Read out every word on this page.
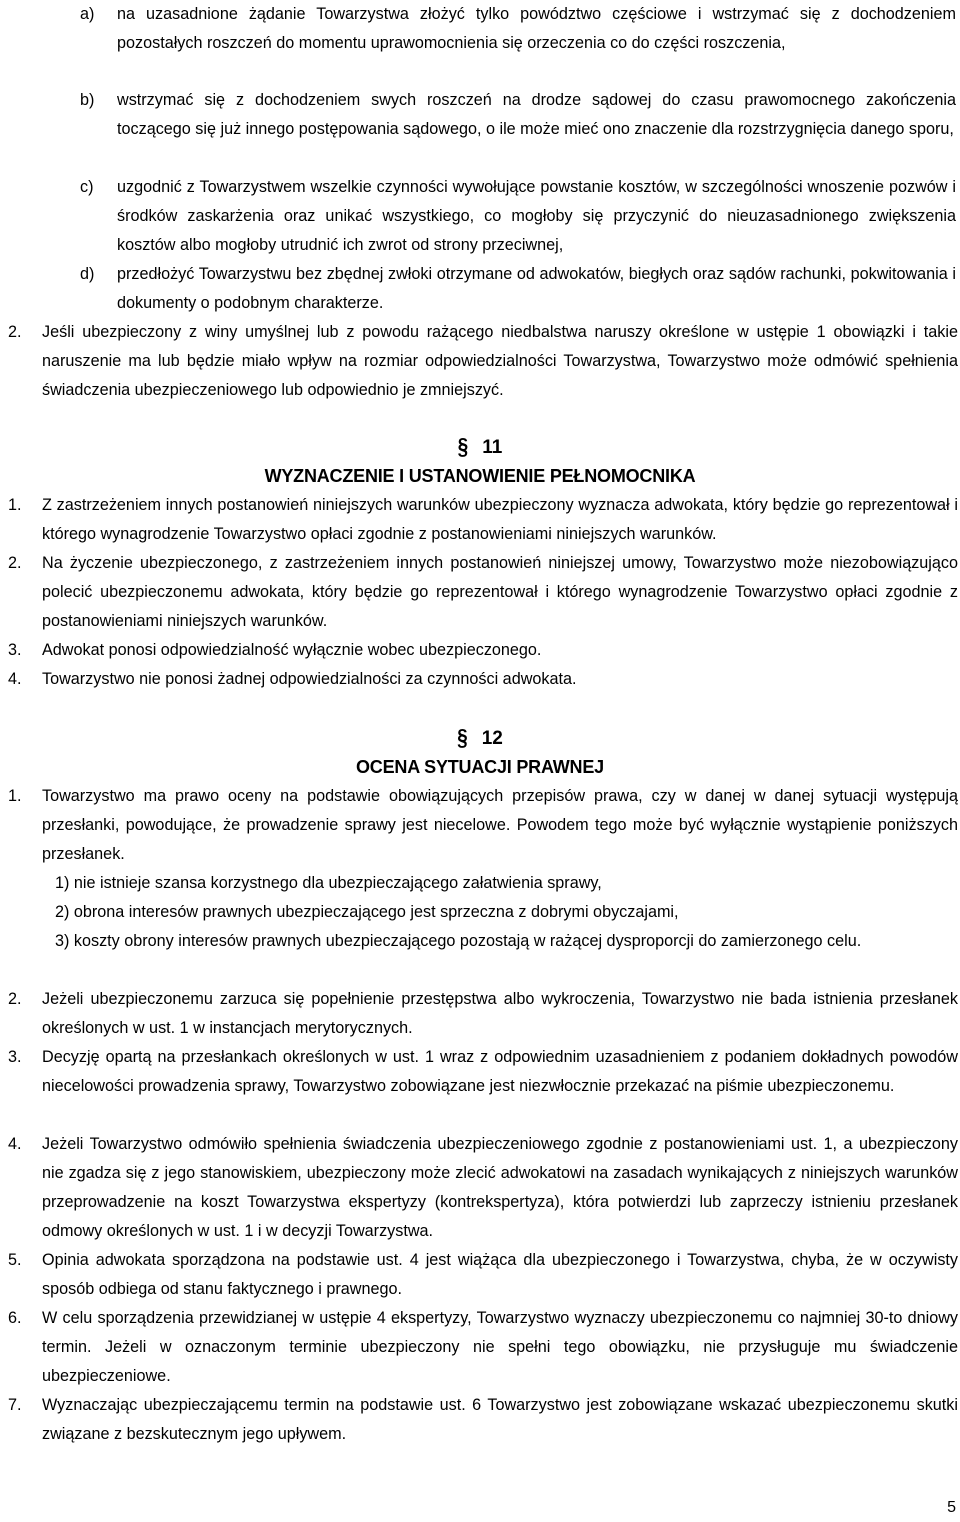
a) na uzasadnione żądanie Towarzystwa złożyć tylko powództwo częściowe i wstrzymać się z dochodzeniem pozostałych roszczeń do momentu uprawomocnienia się orzeczenia co do części roszczenia,
b) wstrzymać się z dochodzeniem swych roszczeń na drodze sądowej do czasu prawomocnego zakończenia toczącego się już innego postępowania sądowego, o ile może mieć ono znaczenie dla rozstrzygnięcia danego sporu,
c) uzgodnić z Towarzystwem wszelkie czynności wywołujące powstanie kosztów, w szczególności wnoszenie pozwów i środków zaskarżenia oraz unikać wszystkiego, co mogłoby się przyczynić do nieuzasadnionego zwiększenia kosztów albo mogłoby utrudnić ich zwrot od strony przeciwnej,
d) przedłożyć Towarzystwu bez zbędnej zwłoki otrzymane od adwokatów, biegłych oraz sądów rachunki, pokwitowania i dokumenty o podobnym charakterze.
2. Jeśli ubezpieczony z winy umyślnej lub z powodu rażącego niedbalstwa naruszy określone w ustępie 1 obowiązki i takie naruszenie ma lub będzie miało wpływ na rozmiar odpowiedzialności Towarzystwa, Towarzystwo może odmówić spełnienia świadczenia ubezpieczeniowego lub odpowiednio je zmniejszyć.
§ 11
WYZNACZENIE I USTANOWIENIE PEŁNOMOCNIKA
1. Z zastrzeżeniem innych postanowień niniejszych warunków ubezpieczony wyznacza adwokata, który będzie go reprezentował i którego wynagrodzenie Towarzystwo opłaci zgodnie z postanowieniami niniejszych warunków.
2. Na życzenie ubezpieczonego, z zastrzeżeniem innych postanowień niniejszej umowy, Towarzystwo może niezobowiązująco polecić ubezpieczonemu adwokata, który będzie go reprezentował i którego wynagrodzenie Towarzystwo opłaci zgodnie z postanowieniami niniejszych warunków.
3. Adwokat ponosi odpowiedzialność wyłącznie wobec ubezpieczonego.
4. Towarzystwo nie ponosi żadnej odpowiedzialności za czynności adwokata.
§ 12
OCENA SYTUACJI PRAWNEJ
1. Towarzystwo ma prawo oceny na podstawie obowiązujących przepisów prawa, czy w danej w danej sytuacji występują przesłanki, powodujące, że prowadzenie sprawy jest niecelowe. Powodem tego może być wyłącznie wystąpienie poniższych przesłanek.
1) nie istnieje szansa korzystnego dla ubezpieczającego załatwienia sprawy,
2) obrona interesów prawnych ubezpieczającego jest sprzeczna z dobrymi obyczajami,
3) koszty obrony interesów prawnych ubezpieczającego pozostają w rażącej dysproporcji do zamierzonego celu.
2. Jeżeli ubezpieczonemu zarzuca się popełnienie przestępstwa albo wykroczenia, Towarzystwo nie bada istnienia przesłanek określonych w ust. 1 w instancjach merytorycznych.
3. Decyzję opartą na przesłankach określonych w ust. 1 wraz z odpowiednim uzasadnieniem z podaniem dokładnych powodów niecelowości prowadzenia sprawy, Towarzystwo zobowiązane jest niezwłocznie przekazać na piśmie ubezpieczonemu.
4. Jeżeli Towarzystwo odmówiło spełnienia świadczenia ubezpieczeniowego zgodnie z postanowieniami ust. 1, a ubezpieczony nie zgadza się z jego stanowiskiem, ubezpieczony może zlecić adwokatowi na zasadach wynikających z niniejszych warunków przeprowadzenie na koszt Towarzystwa ekspertyzy (kontrekspertyza), która potwierdzi lub zaprzeczy istnieniu przesłanek odmowy określonych w ust. 1 i w decyzji Towarzystwa.
5. Opinia adwokata sporządzona na podstawie ust. 4 jest wiążąca dla ubezpieczonego i Towarzystwa, chyba, że w oczywisty sposób odbiega od stanu faktycznego i prawnego.
6. W celu sporządzenia przewidzianej w ustępie 4 ekspertyzy, Towarzystwo wyznaczy ubezpieczonemu co najmniej 30-to dniowy termin. Jeżeli w oznaczonym terminie ubezpieczony nie spełni tego obowiązku, nie przysługuje mu świadczenie ubezpieczeniowe.
7. Wyznaczając ubezpieczającemu termin na podstawie ust. 6 Towarzystwo jest zobowiązane wskazać ubezpieczonemu skutki związane z bezskutecznym jego upływem.
5
